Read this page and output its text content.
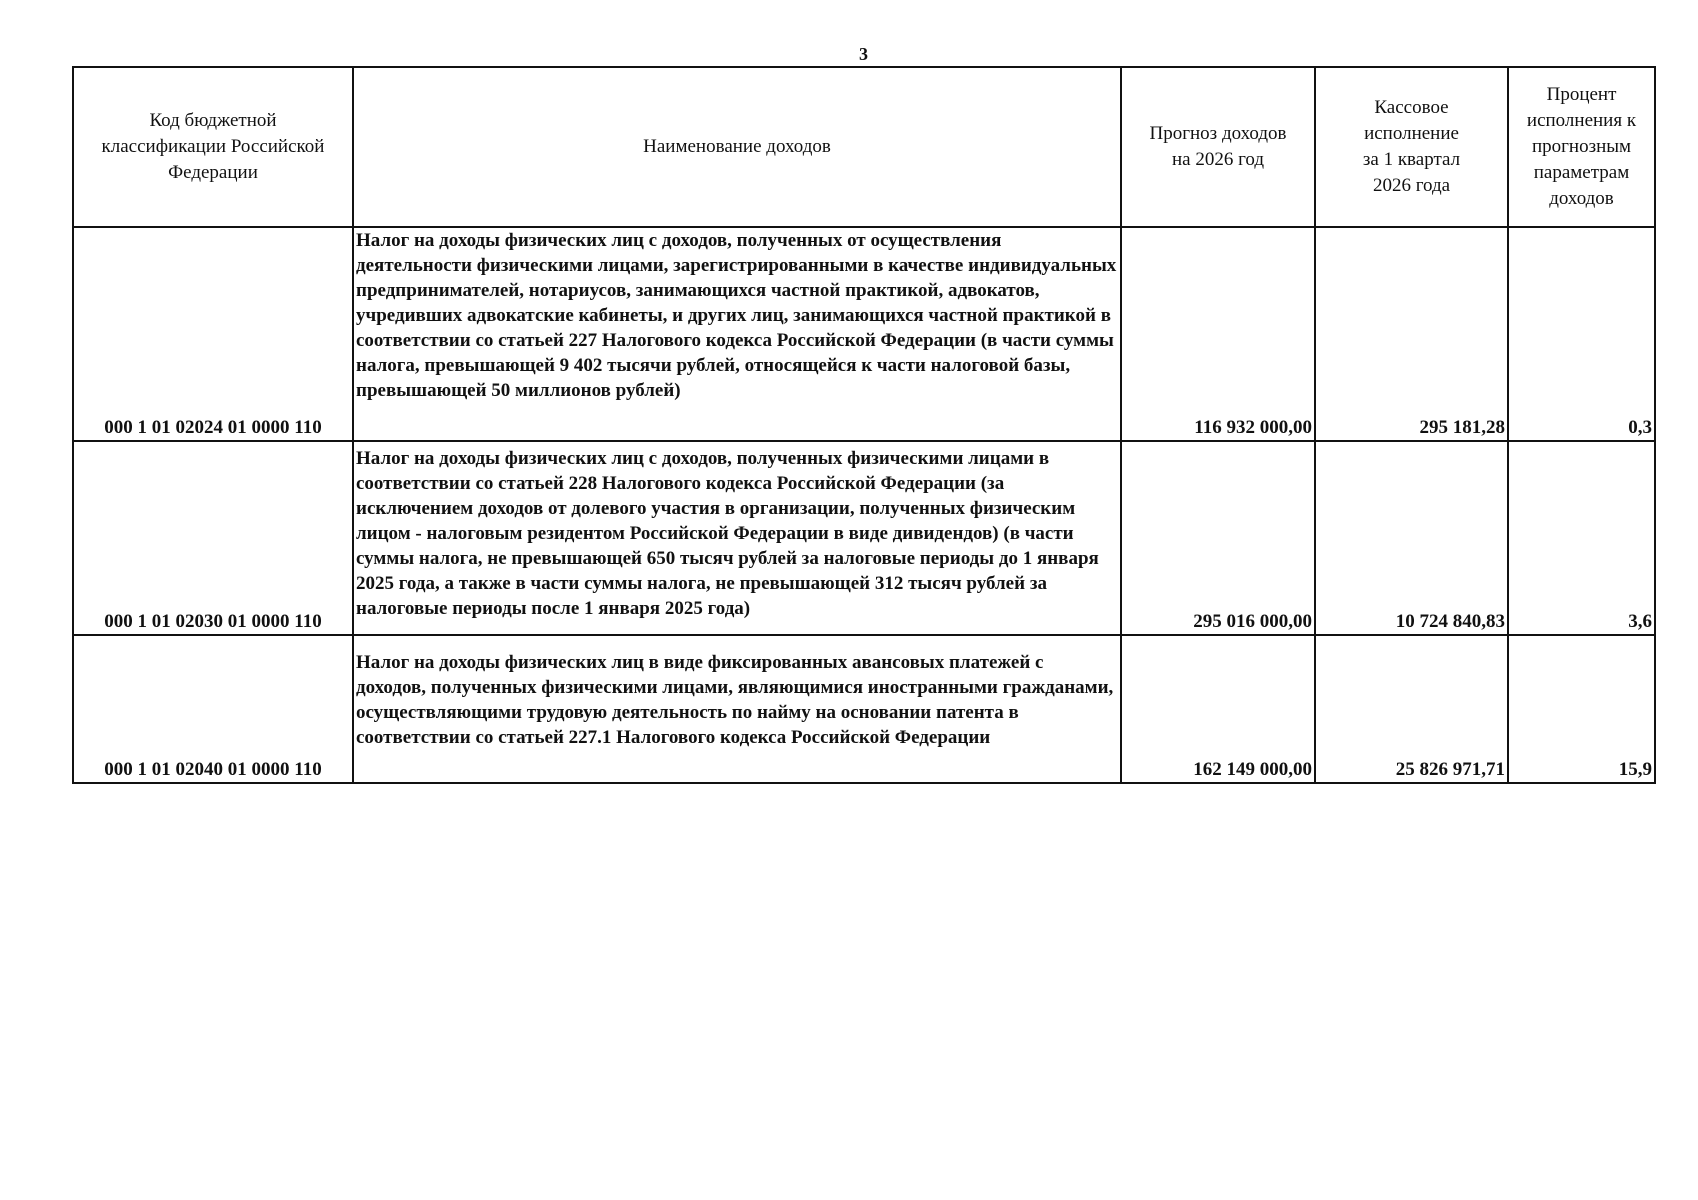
3
Код бюджетной классификации Российской Федерации	Наименование доходов	Прогноз доходов на 2026 год	Кассовое исполнение за 1 квартал 2026 года	Процент исполнения к прогнозным параметрам доходов
000 1 01 02024 01 0000 110	Налог на доходы физических лиц с доходов, полученных от осуществления деятельности физическими лицами, зарегистрированными в качестве индивидуальных предпринимателей, нотариусов, занимающихся частной практикой, адвокатов, учредивших адвокатские кабинеты, и других лиц, занимающихся частной практикой в соответствии со статьей 227 Налогового кодекса Российской Федерации (в части суммы налога, превышающей 9 402 тысячи рублей, относящейся к части налоговой базы, превышающей 50 миллионов рублей)	116 932 000,00	295 181,28	0,3
000 1 01 02030 01 0000 110	Налог на доходы физических лиц с доходов, полученных физическими лицами в соответствии со статьей 228 Налогового кодекса Российской Федерации (за исключением доходов от долевого участия в организации, полученных физическим лицом - налоговым резидентом Российской Федерации в виде дивидендов) (в части суммы налога, не превышающей 650 тысяч рублей за налоговые периоды до 1 января 2025 года, а также в части суммы налога, не превышающей 312 тысяч рублей за налоговые периоды после 1 января 2025 года)	295 016 000,00	10 724 840,83	3,6
000 1 01 02040 01 0000 110	Налог на доходы физических лиц в виде фиксированных авансовых платежей с доходов, полученных физическими лицами, являющимися иностранными гражданами, осуществляющими трудовую деятельность по найму на основании патента в соответствии со статьей 227.1 Налогового кодекса Российской Федерации	162 149 000,00	25 826 971,71	15,9
